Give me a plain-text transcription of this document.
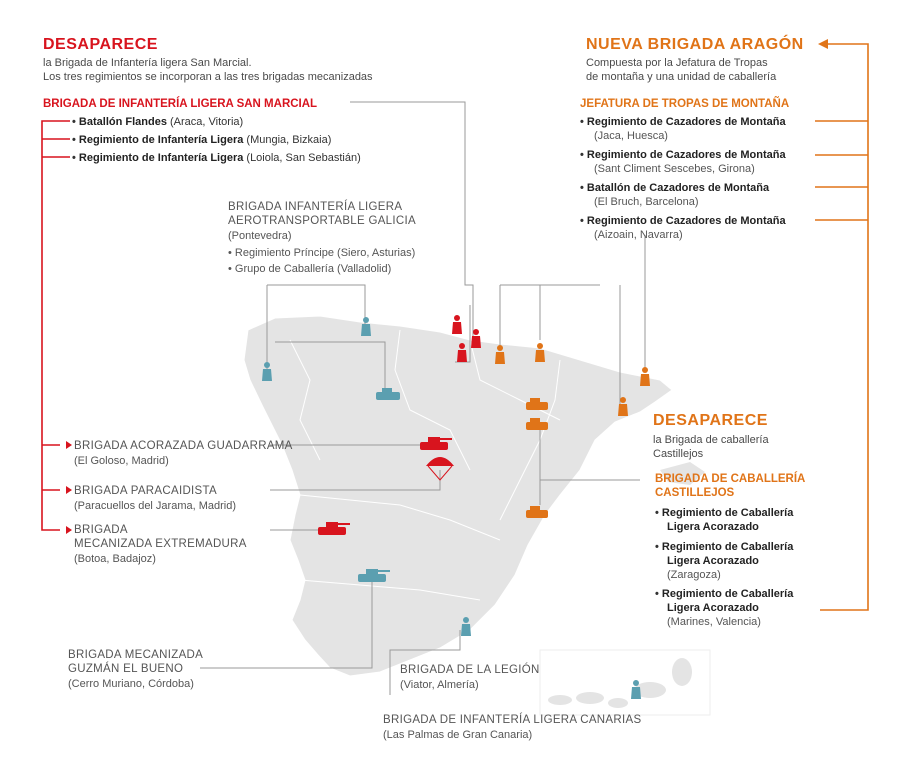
DESAPARECE
la Brigada de Infantería ligera San Marcial.
Los tres regimientos se incorporan a las tres brigadas mecanizadas
BRIGADA DE INFANTERÍA LIGERA SAN MARCIAL
• Batallón Flandes (Araca, Vitoria)
• Regimiento de Infantería Ligera (Mungia, Bizkaia)
• Regimiento de Infantería Ligera (Loiola, San Sebastián)
BRIGADA INFANTERÍA LIGERA
AEROTRANSPORTABLE GALICIA
(Pontevedra)
• Regimiento Príncipe (Siero, Asturias)
• Grupo de Caballería (Valladolid)
NUEVA BRIGADA ARAGÓN
Compuesta por la Jefatura de Tropas
de montaña y una unidad de caballería
JEFATURA DE TROPAS DE MONTAÑA
• Regimiento de Cazadores de Montaña
(Jaca, Huesca)
• Regimiento de Cazadores de Montaña
(Sant Climent Sescebes, Girona)
• Batallón de Cazadores de Montaña
(El Bruch, Barcelona)
• Regimiento de Cazadores de Montaña
(Aizoain, Navarra)
DESAPARECE
la Brigada de caballería
Castillejos
BRIGADA DE CABALLERÍA
CASTILLEJOS
• Regimiento de Caballería
Ligera Acorazado
• Regimiento de Caballería
Ligera Acorazado
(Zaragoza)
• Regimiento de Caballería
Ligera Acorazado
(Marines, Valencia)
BRIGADA ACORAZADA GUADARRAMA
(El Goloso, Madrid)
BRIGADA PARACAIDISTA
(Paracuellos del Jarama, Madrid)
BRIGADA
MECANIZADA EXTREMADURA
(Botoa, Badajoz)
BRIGADA MECANIZADA
GUZMÁN EL BUENO
(Cerro Muriano, Córdoba)
BRIGADA DE LA LEGIÓN
(Viator, Almería)
BRIGADA DE INFANTERÍA LIGERA CANARIAS
(Las Palmas de Gran Canaria)
